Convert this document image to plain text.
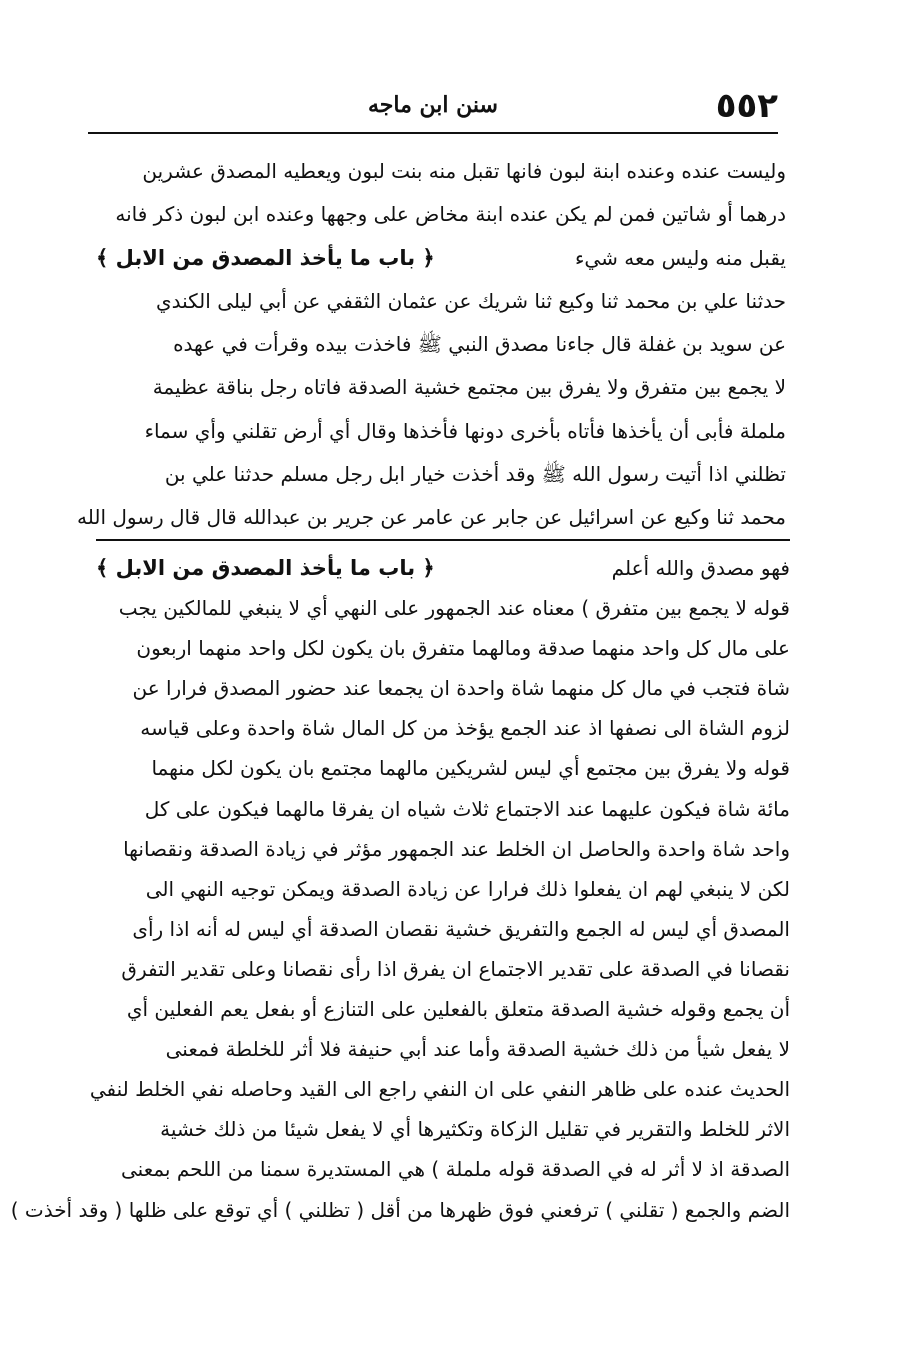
٥٥٢
سنن ابن ماجه
وليست عنده وعنده ابنة لبون فانها تقبل منه بنت لبون ويعطيه المصدق عشرين
درهما أو شاتين فمن لم يكن عنده ابنة مخاض على وجهها وعنده ابن لبون ذكر فانه
يقبل منه وليس معه شيء
﴿ باب ما يأخذ المصدق من الابل ﴾
حدثنا علي بن محمد ثنا وكيع ثنا شريك عن عثمان الثقفي عن أبي ليلى الكندي
عن سويد بن غفلة قال جاءنا مصدق النبي ﷺ فاخذت بيده وقرأت في عهده
لا يجمع بين متفرق ولا يفرق بين مجتمع خشية الصدقة فاتاه رجل بناقة عظيمة
ململة فأبى أن يأخذها فأتاه بأخرى دونها فأخذها وقال أي أرض تقلني وأي سماء
تظلني اذا أتيت رسول الله ﷺ وقد أخذت خيار ابل رجل مسلم حدثنا علي بن
محمد ثنا وكيع عن اسرائيل عن جابر عن عامر عن جرير بن عبدالله قال قال رسول الله
فهو مصدق والله أعلم
﴿ باب ما يأخذ المصدق من الابل ﴾
قوله لا يجمع بين متفرق ) معناه عند الجمهور على النهي أي لا ينبغي للمالكين يجب
على مال كل واحد منهما صدقة ومالهما متفرق بان يكون لكل واحد منهما اربعون
شاة فتجب في مال كل منهما شاة واحدة ان يجمعا عند حضور المصدق فرارا عن
لزوم الشاة الى نصفها اذ عند الجمع يؤخذ من كل المال شاة واحدة وعلى قياسه
قوله ولا يفرق بين مجتمع أي ليس لشريكين مالهما مجتمع بان يكون لكل منهما
مائة شاة فيكون عليهما عند الاجتماع ثلاث شياه ان يفرقا مالهما فيكون على كل
واحد شاة واحدة والحاصل ان الخلط عند الجمهور مؤثر في زيادة الصدقة ونقصانها
لكن لا ينبغي لهم ان يفعلوا ذلك فرارا عن زيادة الصدقة ويمكن توجيه النهي الى
المصدق أي ليس له الجمع والتفريق خشية نقصان الصدقة أي ليس له أنه اذا رأى
نقصانا في الصدقة على تقدير الاجتماع ان يفرق اذا رأى نقصانا وعلى تقدير التفرق
أن يجمع وقوله خشية الصدقة متعلق بالفعلين على التنازع أو بفعل يعم الفعلين أي
لا يفعل شيأ من ذلك خشية الصدقة وأما عند أبي حنيفة فلا أثر للخلطة فمعنى
الحديث عنده على ظاهر النفي على ان النفي راجع الى القيد وحاصله نفي الخلط لنفي
الاثر للخلط والتقرير في تقليل الزكاة وتكثيرها أي لا يفعل شيئا من ذلك خشية
الصدقة اذ لا أثر له في الصدقة قوله ململة ) هي المستديرة سمنا من اللحم بمعنى
الضم والجمع ( تقلني ) ترفعني فوق ظهرها من أقل ( تظلني ) أي توقع على ظلها ( وقد أخذت )
